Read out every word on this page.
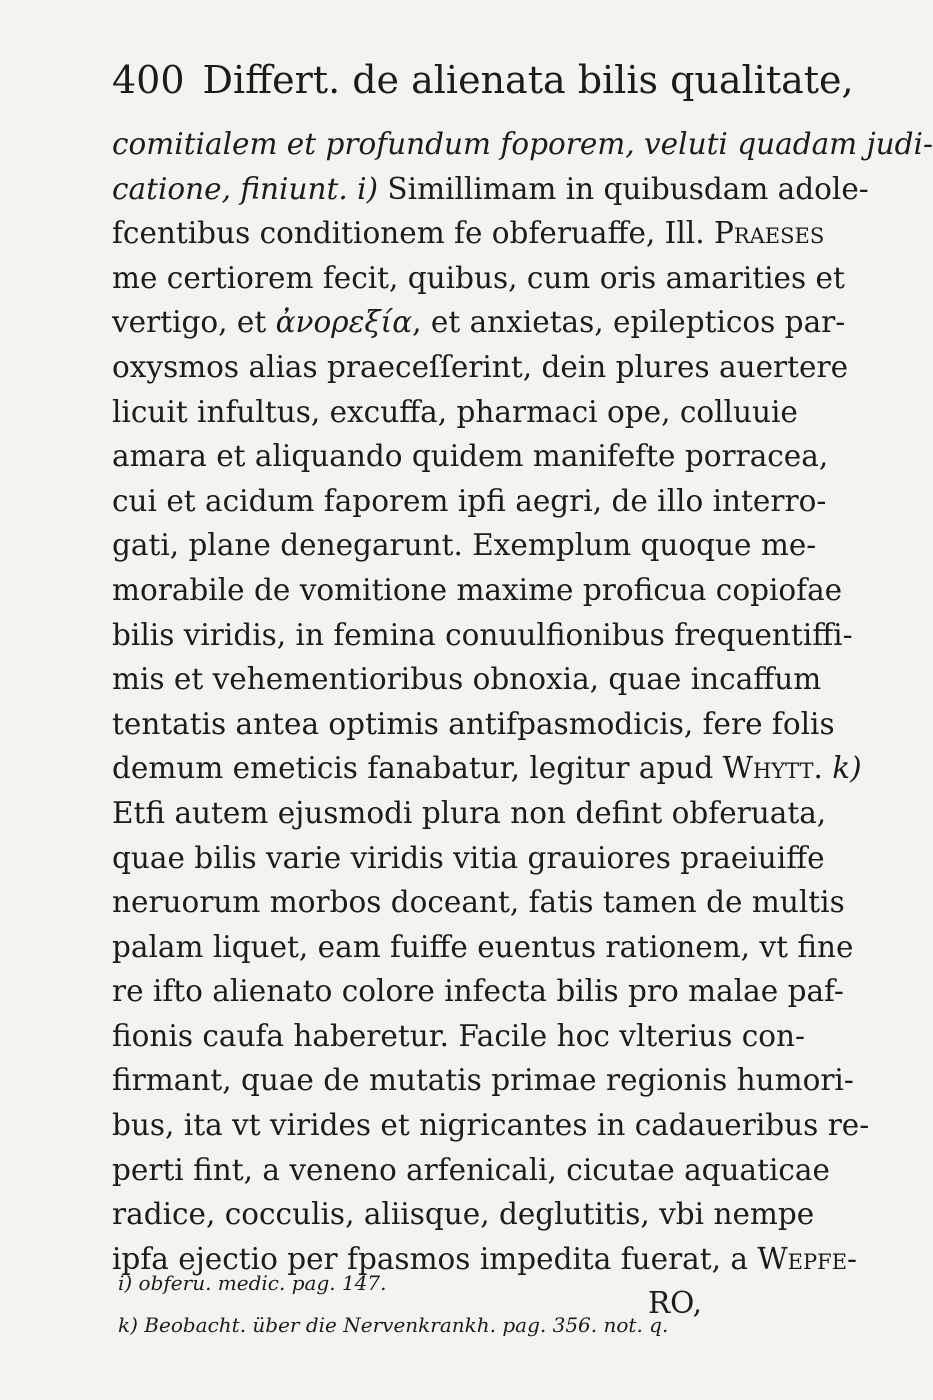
400 Differt. de alienata bilis qualitate,
comitialem et profundum foporem, veluti quadam judi-
catione, finiunt. i) Simillimam in quibusdam adole-
fcentibus conditionem fe obferuaffe, Ill. Praeses
me certiorem fecit, quibus, cum oris amarities et
vertigo, et ἀνορεξία, et anxietas, epilepticos par-
oxysmos alias praeceſſerint, dein plures auertere
licuit infultus, excuffa, pharmaci ope, colluuie
amara et aliquando quidem manifefte porracea,
cui et acidum faporem ipfi aegri, de illo interro-
gati, plane denegarunt. Exemplum quoque me-
morabile de vomitione maxime proficua copiofae
bilis viridis, in femina conuulfionibus frequentiffi-
mis et vehementioribus obnoxia, quae incaffum
tentatis antea optimis antifpasmodicis, fere folis
demum emeticis fanabatur, legitur apud Whytt. k)
Etfi autem ejusmodi plura non defint obferuata,
quae bilis varie viridis vitia grauiores praeiuiffe
neruorum morbos doceant, fatis tamen de multis
palam liquet, eam fuiffe euentus rationem, vt fine
re ifto alienato colore infecta bilis pro malae paf-
fionis caufa haberetur. Facile hoc vlterius con-
firmant, quae de mutatis primae regionis humori-
bus, ita vt virides et nigricantes in cadaueribus re-
perti fint, a veneno arfenicali, cicutae aquaticae
radice, cocculis, aliisque, deglutitis, vbi nempe
ipfa ejectio per fpasmos impedita fuerat, a Wepfe-
RO,
i) obferu. medic. pag. 147.
k) Beobacht. über die Nervenkrankh. pag. 356. not. q.
